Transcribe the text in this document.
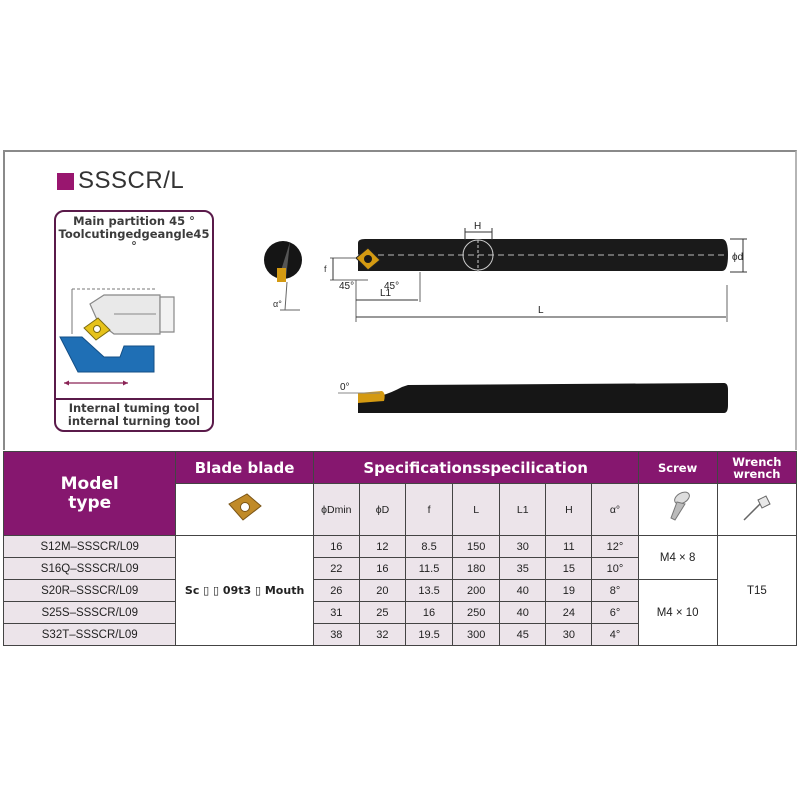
SSSCR/L
Main partition 45 °
Toolcutingedgeangle45 °
Internal tuming tool
internal turning tool
α°
H
ϕd
f
45°	45°
L1
L
0°
Model
type
	Blade blade	Specificationsspecilication	Screw	Wrench
wrench

	ϕDmin	ϕD	f	L	L1	H	α°		
S12M–SSSCR/L09	Sc ▯ ▯ 09t3 ▯ Mouth	16	12	8.5	150	30	11	12°	M4 × 8	T15
S16Q–SSSCR/L09		22	16	11.5	180	35	15	10°		
S20R–SSSCR/L09		26	20	13.5	200	40	19	8°	M4 × 10	
S25S–SSSCR/L09		31	25	16	250	40	24	6°		
S32T–SSSCR/L09		38	32	19.5	300	45	30	4°		
